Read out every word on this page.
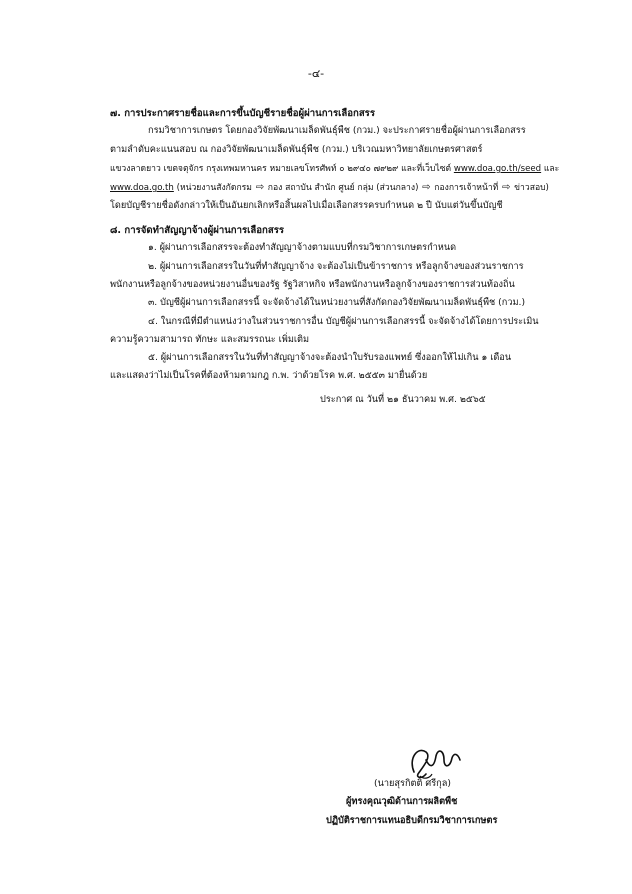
-๔-
๗. การประกาศรายชื่อและการขึ้นบัญชีรายชื่อผู้ผ่านการเลือกสรร
กรมวิชาการเกษตร โดยกองวิจัยพัฒนาเมล็ดพันธุ์พืช (กวม.) จะประกาศรายชื่อผู้ผ่านการเลือกสรร
ตามลำดับคะแนนสอบ ณ กองวิจัยพัฒนาเมล็ดพันธุ์พืช (กวม.) บริเวณมหาวิทยาลัยเกษตรศาสตร์
แขวงลาดยาว เขตจตุจักร กรุงเทพมหานคร หมายเลขโทรศัพท์ ๐ ๒๙๔๐ ๗๙๒๙ และที่เว็บไซต์ www.doa.go.th/seed และ
www.doa.go.th (หน่วยงานสังกัดกรม ⇨ กอง สถาบัน สำนัก ศูนย์ กลุ่ม (ส่วนกลาง) ⇨ กองการเจ้าหน้าที่ ⇨ ข่าวสอบ)
โดยบัญชีรายชื่อดังกล่าวให้เป็นอันยกเลิกหรือสิ้นผลไปเมื่อเลือกสรรครบกำหนด ๒ ปี นับแต่วันขึ้นบัญชี
๘. การจัดทำสัญญาจ้างผู้ผ่านการเลือกสรร
๑. ผู้ผ่านการเลือกสรรจะต้องทำสัญญาจ้างตามแบบที่กรมวิชาการเกษตรกำหนด
๒. ผู้ผ่านการเลือกสรรในวันที่ทำสัญญาจ้าง จะต้องไม่เป็นข้าราชการ หรือลูกจ้างของส่วนราชการ
พนักงานหรือลูกจ้างของหน่วยงานอื่นของรัฐ รัฐวิสาหกิจ หรือพนักงานหรือลูกจ้างของราชการส่วนท้องถิ่น
๓. บัญชีผู้ผ่านการเลือกสรรนี้ จะจัดจ้างได้ในหน่วยงานที่สังกัดกองวิจัยพัฒนาเมล็ดพันธุ์พืช (กวม.)
๔. ในกรณีที่มีตำแหน่งว่างในส่วนราชการอื่น บัญชีผู้ผ่านการเลือกสรรนี้ จะจัดจ้างได้โดยการประเมิน
ความรู้ความสามารถ ทักษะ และสมรรถนะ เพิ่มเติม
๕. ผู้ผ่านการเลือกสรรในวันที่ทำสัญญาจ้างจะต้องนำใบรับรองแพทย์ ซึ่งออกให้ไม่เกิน ๑ เดือน
และแสดงว่าไม่เป็นโรคที่ต้องห้ามตามกฎ ก.พ. ว่าด้วยโรค พ.ศ. ๒๕๕๓ มายื่นด้วย
ประกาศ ณ วันที่ ๒๑ ธันวาคม พ.ศ. ๒๕๖๕
(นายสุรกิตติ ศรีกุล)
ผู้ทรงคุณวุฒิด้านการผลิตพืช
ปฏิบัติราชการแทนอธิบดีกรมวิชาการเกษตร
